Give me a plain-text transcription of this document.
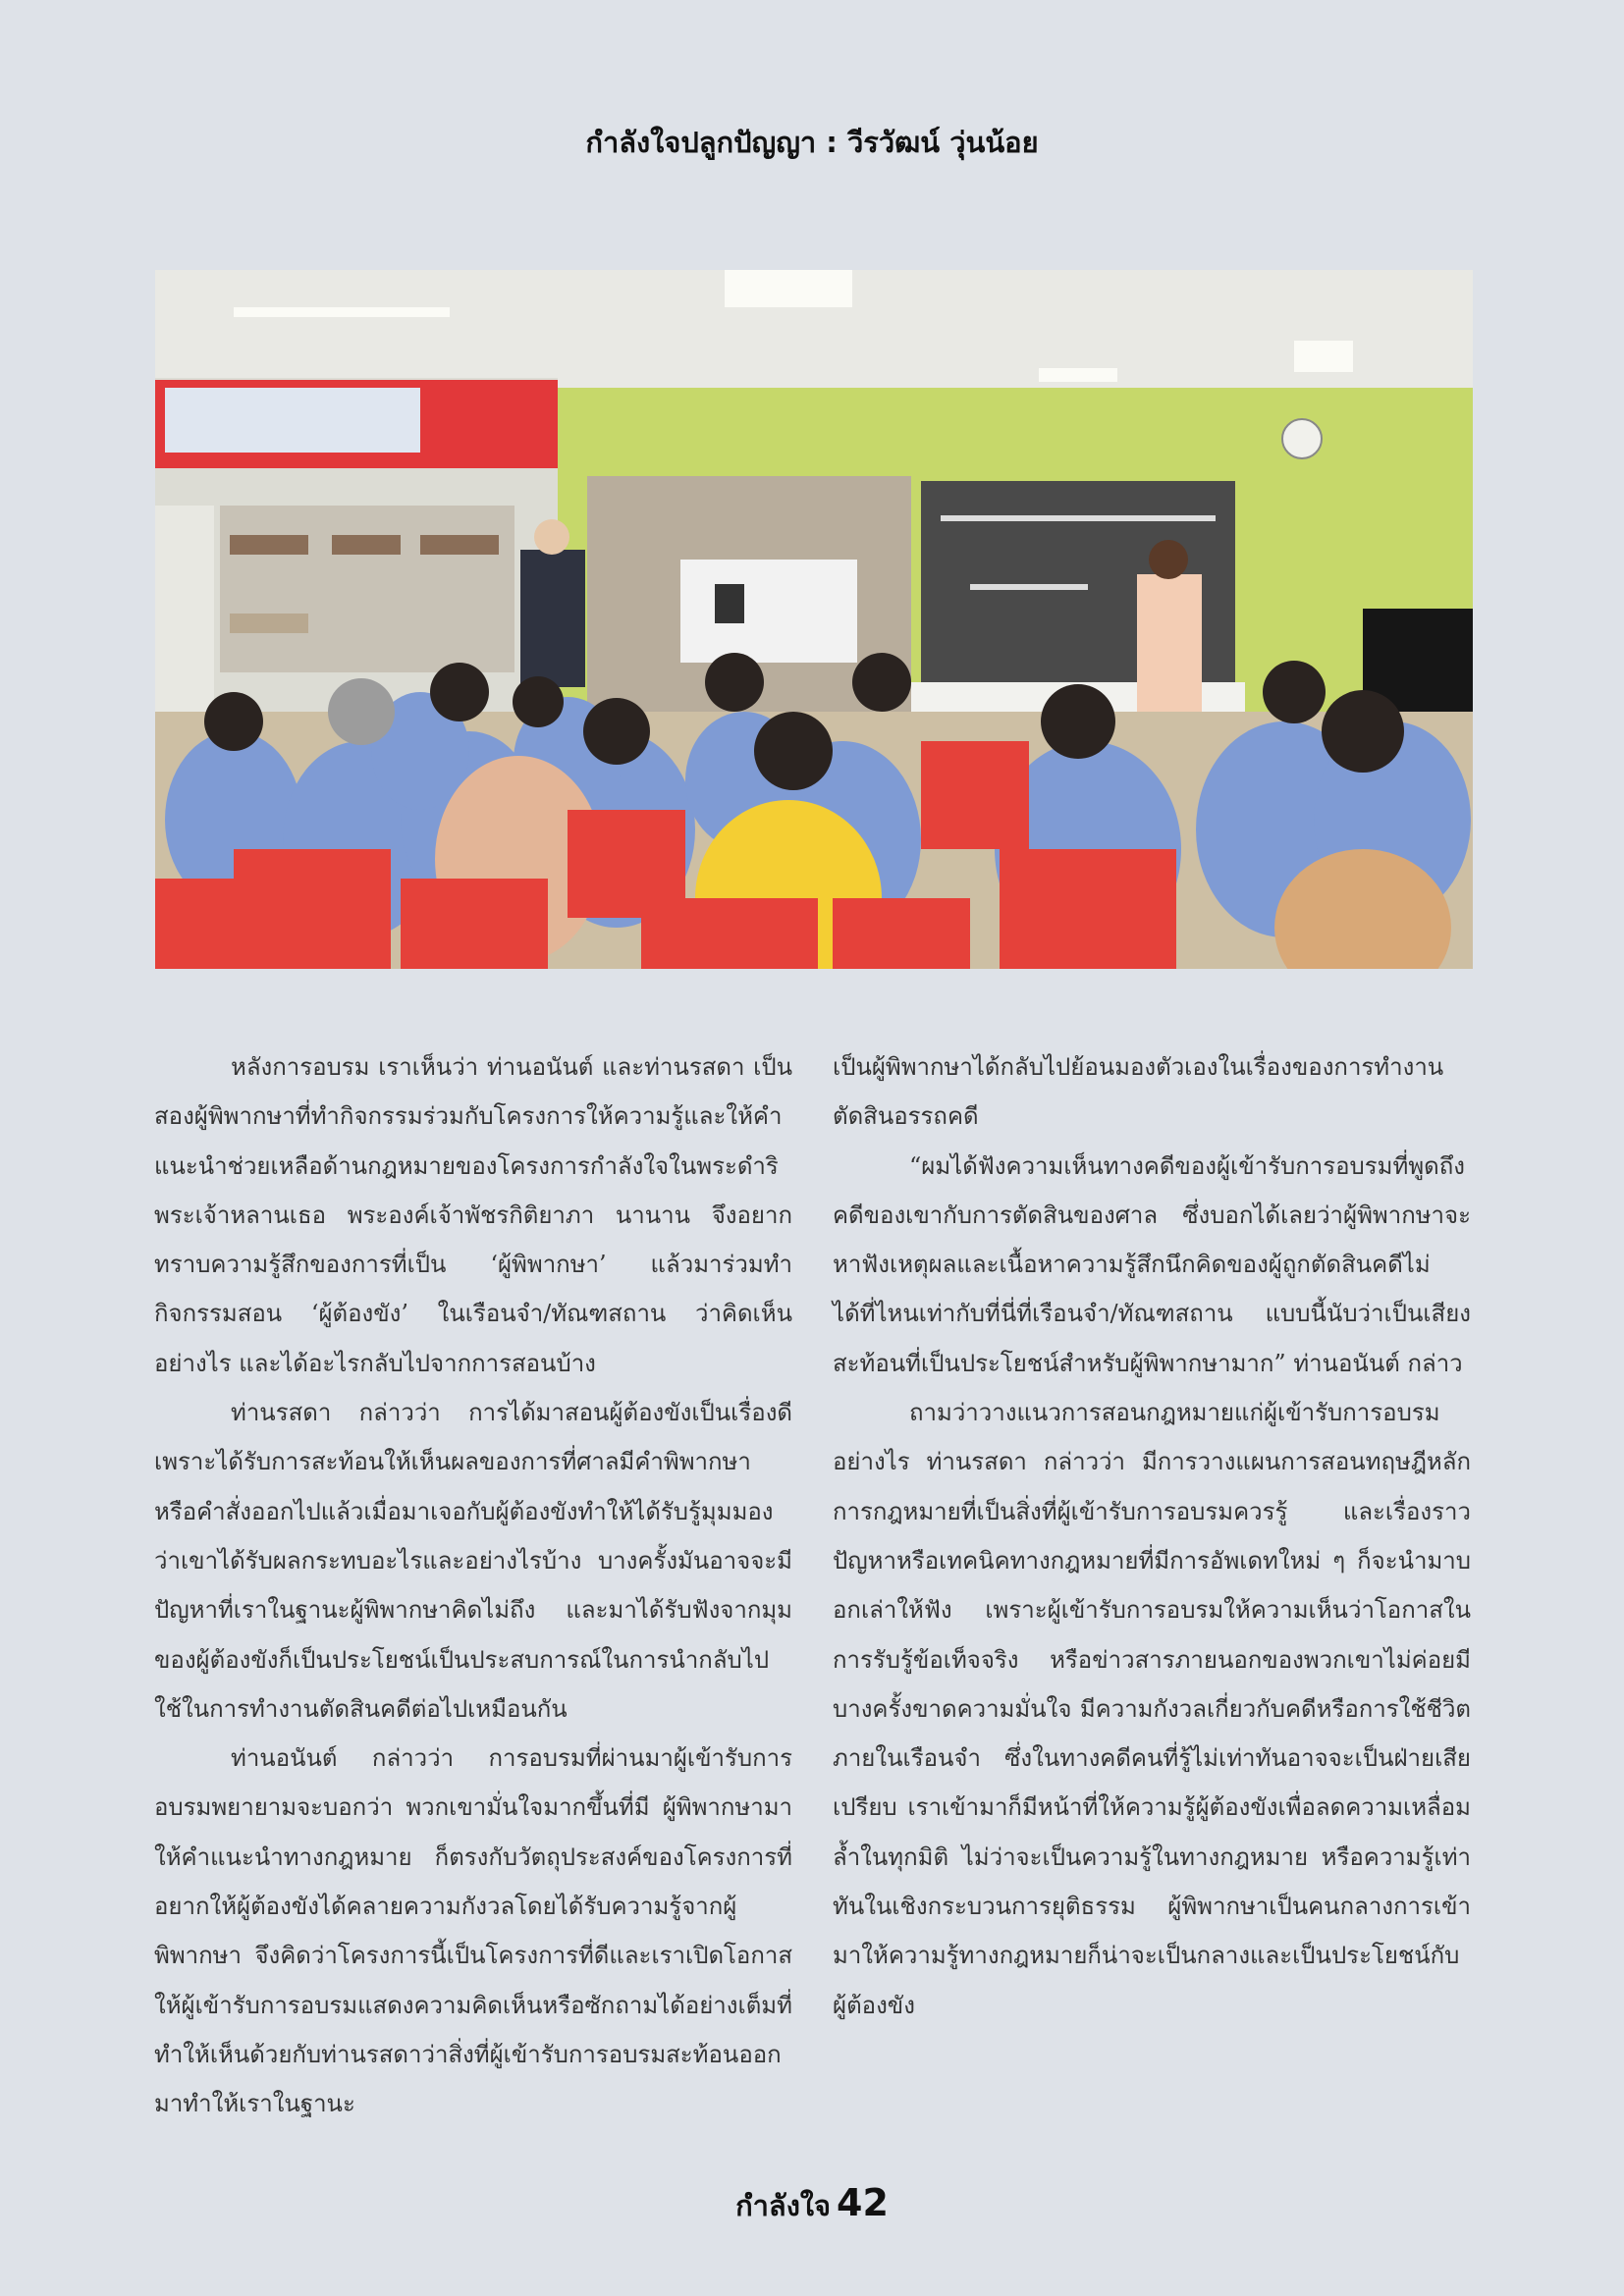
กำลังใจปลูกปัญญา : วีรวัฒน์ วุ่นน้อย

หลังการอบรม เราเห็นว่า ท่านอนันต์ และท่านรสดา เป็นสองผู้พิพากษาที่ทำกิจกรรมร่วมกับโครงการให้ความรู้และให้คำแนะนำช่วยเหลือด้านกฎหมายของโครงการกำลังใจในพระดำริพระเจ้าหลานเธอ พระองค์เจ้าพัชรกิติยาภา นานาน จึงอยากทราบความรู้สึกของการที่เป็น ‘ผู้พิพากษา’ แล้วมาร่วมทำกิจกรรมสอน ‘ผู้ต้องขัง’ ในเรือนจำ/ทัณฑสถาน ว่าคิดเห็นอย่างไร และได้อะไรกลับไปจากการสอนบ้าง

ท่านรสดา กล่าวว่า การได้มาสอนผู้ต้องขังเป็นเรื่องดี เพราะได้รับการสะท้อนให้เห็นผลของการที่ศาลมีคำพิพากษาหรือคำสั่งออกไปแล้วเมื่อมาเจอกับผู้ต้องขังทำให้ได้รับรู้มุมมองว่าเขาได้รับผลกระทบอะไรและอย่างไรบ้าง บางครั้งมันอาจจะมีปัญหาที่เราในฐานะผู้พิพากษาคิดไม่ถึง และมาได้รับฟังจากมุมของผู้ต้องขังก็เป็นประโยชน์เป็นประสบการณ์ในการนำกลับไปใช้ในการทำงานตัดสินคดีต่อไปเหมือนกัน

ท่านอนันต์ กล่าวว่า การอบรมที่ผ่านมาผู้เข้ารับการอบรมพยายามจะบอกว่า พวกเขามั่นใจมากขึ้นที่มี ผู้พิพากษามาให้คำแนะนำทางกฎหมาย ก็ตรงกับวัตถุประสงค์ของโครงการที่อยากให้ผู้ต้องขังได้คลายความกังวลโดยได้รับความรู้จากผู้พิพากษา จึงคิดว่าโครงการนี้เป็นโครงการที่ดีและเราเปิดโอกาสให้ผู้เข้ารับการอบรมแสดงความคิดเห็นหรือซักถามได้อย่างเต็มที่ ทำให้เห็นด้วยกับท่านรสดาว่าสิ่งที่ผู้เข้ารับการอบรมสะท้อนออกมาทำให้เราในฐานะ

เป็นผู้พิพากษาได้กลับไปย้อนมองตัวเองในเรื่องของการทำงานตัดสินอรรถคดี

“ผมได้ฟังความเห็นทางคดีของผู้เข้ารับการอบรมที่พูดถึงคดีของเขากับการตัดสินของศาล ซึ่งบอกได้เลยว่าผู้พิพากษาจะหาฟังเหตุผลและเนื้อหาความรู้สึกนึกคิดของผู้ถูกตัดสินคดีไม่ได้ที่ไหนเท่ากับที่นี่ที่เรือนจำ/ทัณฑสถาน แบบนี้นับว่าเป็นเสียงสะท้อนที่เป็นประโยชน์สำหรับผู้พิพากษามาก” ท่านอนันต์ กล่าว

ถามว่าวางแนวการสอนกฎหมายแก่ผู้เข้ารับการอบรมอย่างไร ท่านรสดา กล่าวว่า มีการวางแผนการสอนทฤษฎีหลักการกฎหมายที่เป็นสิ่งที่ผู้เข้ารับการอบรมควรรู้ และเรื่องราวปัญหาหรือเทคนิคทางกฎหมายที่มีการอัพเดทใหม่ ๆ ก็จะนำมาบอกเล่าให้ฟัง เพราะผู้เข้ารับการอบรมให้ความเห็นว่าโอกาสในการรับรู้ข้อเท็จจริง หรือข่าวสารภายนอกของพวกเขาไม่ค่อยมี บางครั้งขาดความมั่นใจ มีความกังวลเกี่ยวกับคดีหรือการใช้ชีวิตภายในเรือนจำ ซึ่งในทางคดีคนที่รู้ไม่เท่าทันอาจจะเป็นฝ่ายเสียเปรียบ เราเข้ามาก็มีหน้าที่ให้ความรู้ผู้ต้องขังเพื่อลดความเหลื่อมล้ำในทุกมิติ ไม่ว่าจะเป็นความรู้ในทางกฎหมาย หรือความรู้เท่าทันในเชิงกระบวนการยุติธรรม ผู้พิพากษาเป็นคนกลางการเข้ามาให้ความรู้ทางกฎหมายก็น่าจะเป็นกลางและเป็นประโยชน์กับผู้ต้องขัง

กำลังใจ 42
